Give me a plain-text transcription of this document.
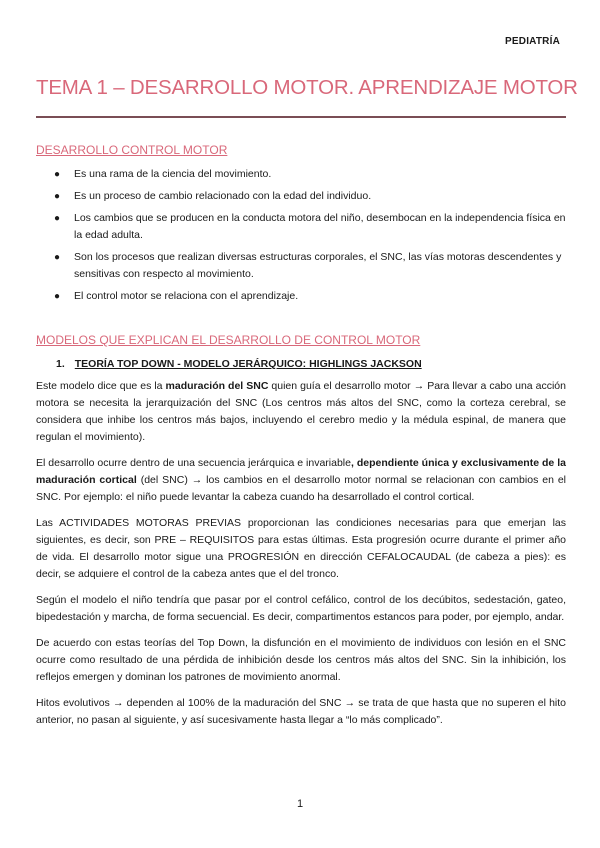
PEDIATRÍA
TEMA 1 – DESARROLLO MOTOR. APRENDIZAJE MOTOR
DESARROLLO CONTROL MOTOR
● Es una rama de la ciencia del movimiento.
● Es un proceso de cambio relacionado con la edad del individuo.
● Los cambios que se producen en la conducta motora del niño, desembocan en la independencia física en la edad adulta.
● Son los procesos que realizan diversas estructuras corporales, el SNC, las vías motoras descendentes y sensitivas con respecto al movimiento.
● El control motor se relaciona con el aprendizaje.
MODELOS QUE EXPLICAN EL DESARROLLO DE CONTROL MOTOR
1. TEORÍA TOP DOWN - MODELO JERÁRQUICO: HIGHLINGS JACKSON

Este modelo dice que es la maduración del SNC quien guía el desarrollo motor → Para llevar a cabo una acción motora se necesita la jerarquización del SNC (Los centros más altos del SNC, como la corteza cerebral, se considera que inhibe los centros más bajos, incluyendo el cerebro medio y la médula espinal, de manera que regulan el movimiento).

El desarrollo ocurre dentro de una secuencia jerárquica e invariable, dependiente única y exclusivamente de la maduración cortical (del SNC) → los cambios en el desarrollo motor normal se relacionan con cambios en el SNC. Por ejemplo: el niño puede levantar la cabeza cuando ha desarrollado el control cortical.

Las ACTIVIDADES MOTORAS PREVIAS proporcionan las condiciones necesarias para que emerjan las siguientes, es decir, son PRE – REQUISITOS para estas últimas. Esta progresión ocurre durante el primer año de vida. El desarrollo motor sigue una PROGRESIÓN en dirección CEFALOCAUDAL (de cabeza a pies): es decir, se adquiere el control de la cabeza antes que el del tronco.

Según el modelo el niño tendría que pasar por el control cefálico, control de los decúbitos, sedestación, gateo, bipedestación y marcha, de forma secuencial. Es decir, compartimentos estancos para poder, por ejemplo, andar.

De acuerdo con estas teorías del Top Down, la disfunción en el movimiento de individuos con lesión en el SNC ocurre como resultado de una pérdida de inhibición desde los centros más altos del SNC. Sin la inhibición, los reflejos emergen y dominan los patrones de movimiento anormal.

Hitos evolutivos → dependen al 100% de la maduración del SNC → se trata de que hasta que no superen el hito anterior, no pasan al siguiente, y así sucesivamente hasta llegar a “lo más complicado”.

1
